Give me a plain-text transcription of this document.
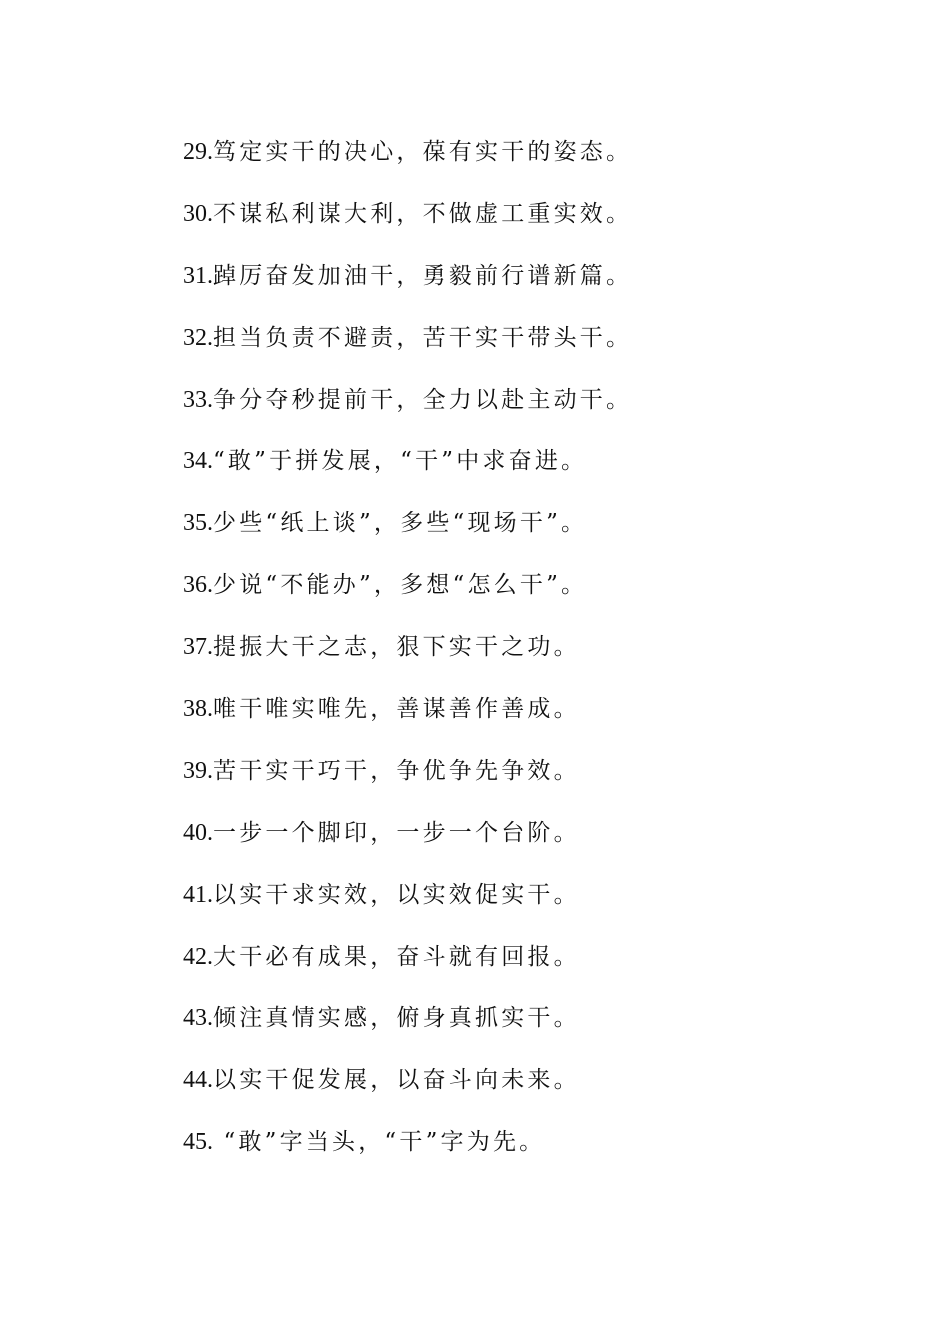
29.笃定实干的决心，葆有实干的姿态。
30.不谋私利谋大利，不做虚工重实效。
31.踔厉奋发加油干，勇毅前行谱新篇。
32.担当负责不避责，苦干实干带头干。
33.争分夺秒提前干，全力以赴主动干。
34.“敢”于拼发展，“干”中求奋进。
35.少些“纸上谈”，多些“现场干”。
36.少说“不能办”，多想“怎么干”。
37.提振大干之志，狠下实干之功。
38.唯干唯实唯先，善谋善作善成。
39.苦干实干巧干，争优争先争效。
40.一步一个脚印，一步一个台阶。
41.以实干求实效，以实效促实干。
42.大干必有成果，奋斗就有回报。
43.倾注真情实感，俯身真抓实干。
44.以实干促发展，以奋斗向未来。
45. “敢”字当头，“干”字为先。
